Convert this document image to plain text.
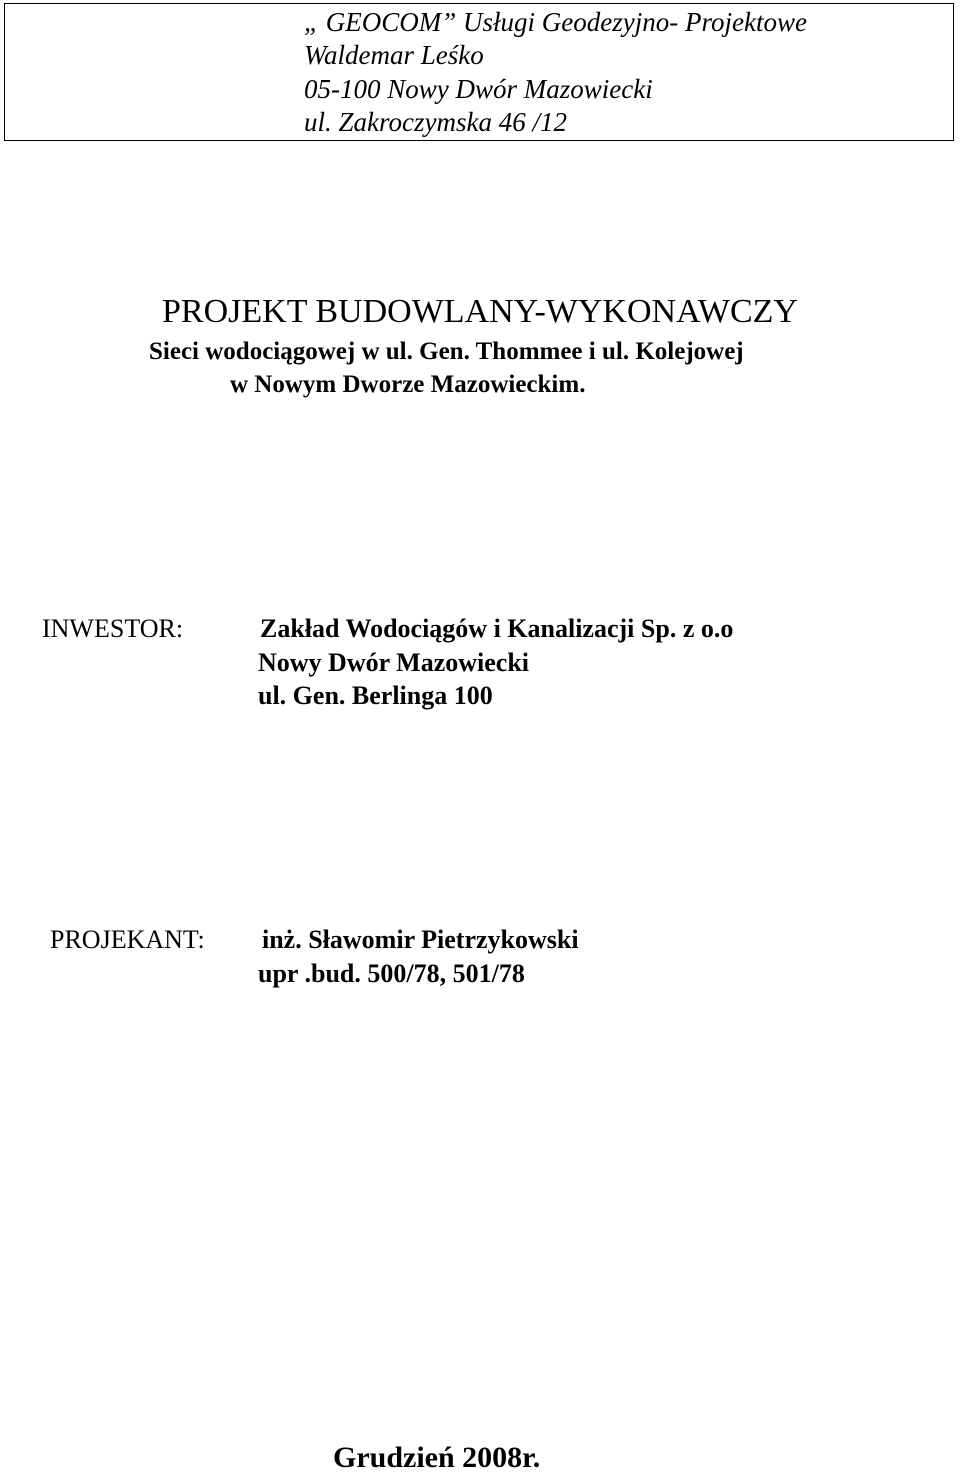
„ GEOCOM” Usługi Geodezyjno- Projektowe
Waldemar Leśko
05-100 Nowy Dwór Mazowiecki
ul. Zakroczymska 46 /12
PROJEKT BUDOWLANY-WYKONAWCZY
Sieci wodociągowej w ul. Gen. Thommee i ul. Kolejowej
w Nowym Dworze Mazowieckim.
INWESTOR:	Zakład Wodociągów i Kanalizacji Sp. z o.o
Nowy Dwór Mazowiecki
ul. Gen. Berlinga 100
PROJEKANT: inż. Sławomir Pietrzykowski
upr .bud. 500/78, 501/78
Grudzień 2008r.
